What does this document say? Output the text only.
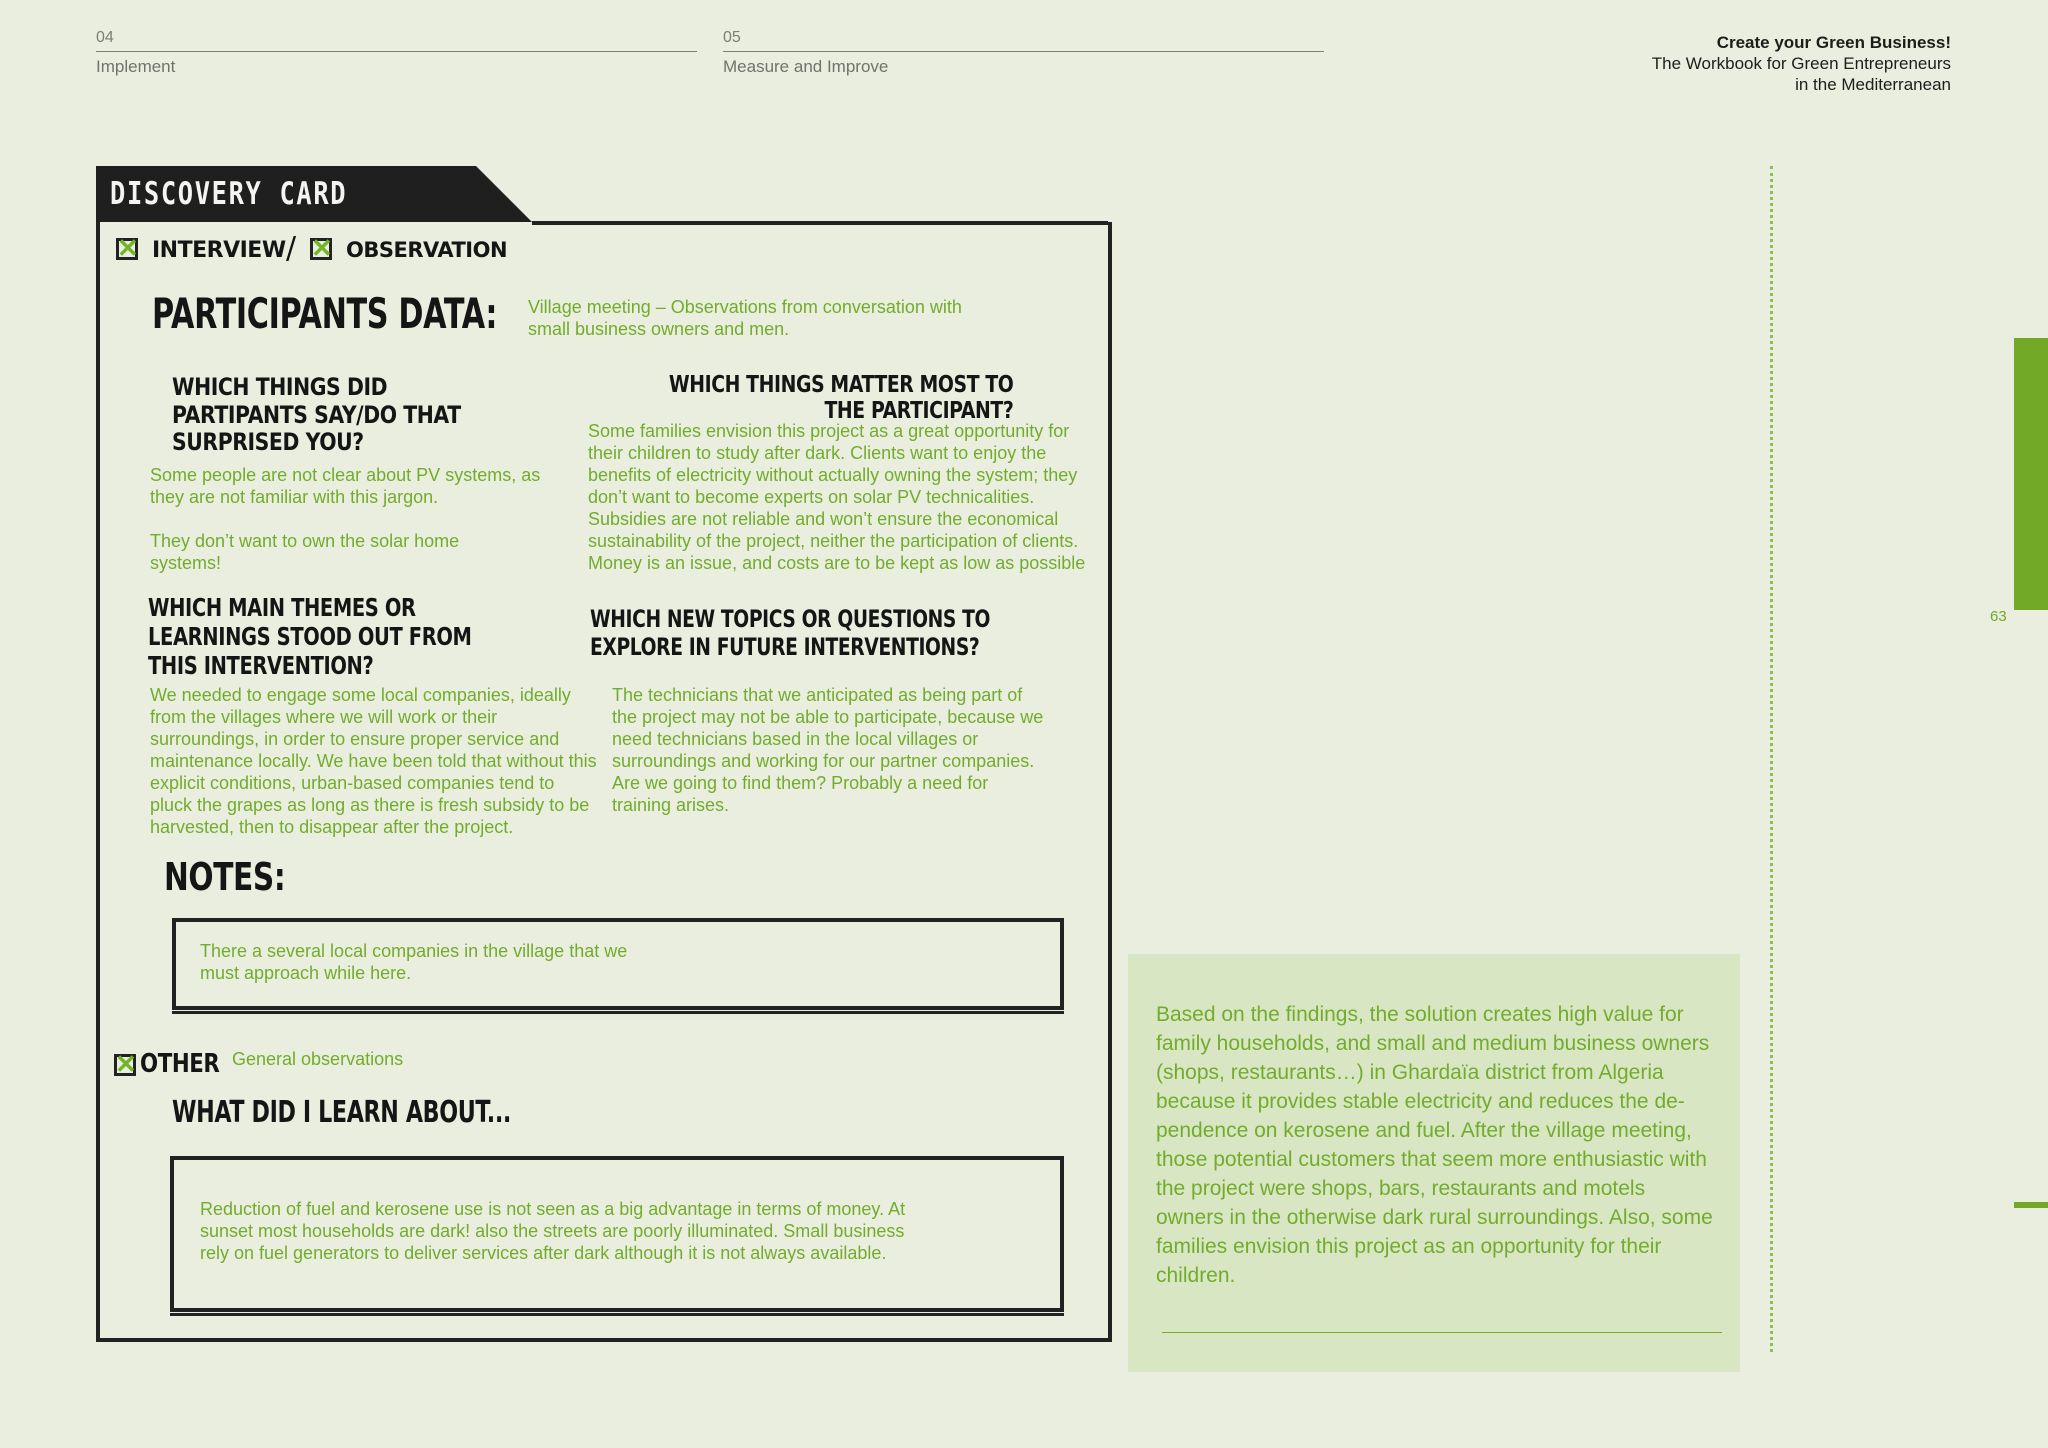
04
Implement
05
Measure and Improve
Create your Green Business!
The Workbook for Green Entrepreneurs
in the Mediterranean
63
DISCOVERY CARD
✕ INTERVIEW / ✕ OBSERVATION
PARTICIPANTS DATA: Village meeting – Observations from conversation with small business owners and men.
WHICH THINGS DID PARTIPANTS SAY/DO THAT SURPRISED YOU?
Some people are not clear about PV systems, as they are not familiar with this jargon.
They don’t want to own the solar home systems!
WHICH THINGS MATTER MOST TO THE PARTICIPANT?
Some families envision this project as a great opportunity for their children to study after dark. Clients want to enjoy the benefits of electricity without actually owning the system; they don’t want to become experts on solar PV technicalities. Subsidies are not reliable and won’t ensure the economical sustainability of the project, neither the participation of clients. Money is an issue, and costs are to be kept as low as possible
WHICH MAIN THEMES OR LEARNINGS STOOD OUT FROM THIS INTERVENTION?
We needed to engage some local companies, ideally from the villages where we will work or their surroundings, in order to ensure proper service and maintenance locally. We have been told that without this explicit conditions, urban-based companies tend to pluck the grapes as long as there is fresh subsidy to be harvested, then to disappear after the project.
WHICH NEW TOPICS OR QUESTIONS TO EXPLORE IN FUTURE INTERVENTIONS?
The technicians that we anticipated as being part of the project may not be able to participate, because we need technicians based in the local villages or surroundings and working for our partner companies. Are we going to find them? Probably a need for training arises.
NOTES:
There a several local companies in the village that we must approach while here.
✕ OTHER General observations
WHAT DID I LEARN ABOUT...
Reduction of fuel and kerosene use is not seen as a big advantage in terms of money. At sunset most households are dark! also the streets are poorly illuminated. Small business rely on fuel generators to deliver services after dark although it is not always available.
Based on the findings, the solution creates high value for family households, and small and medium business owners (shops, restaurants…) in Ghardaïa district from Algeria because it provides stable electricity and reduces the de-pendence on kerosene and fuel. After the village meeting, those potential customers that seem more enthusiastic with the project were shops, bars, restaurants and motels owners in the otherwise dark rural surroundings. Also, some families envision this project as an opportunity for their children.
